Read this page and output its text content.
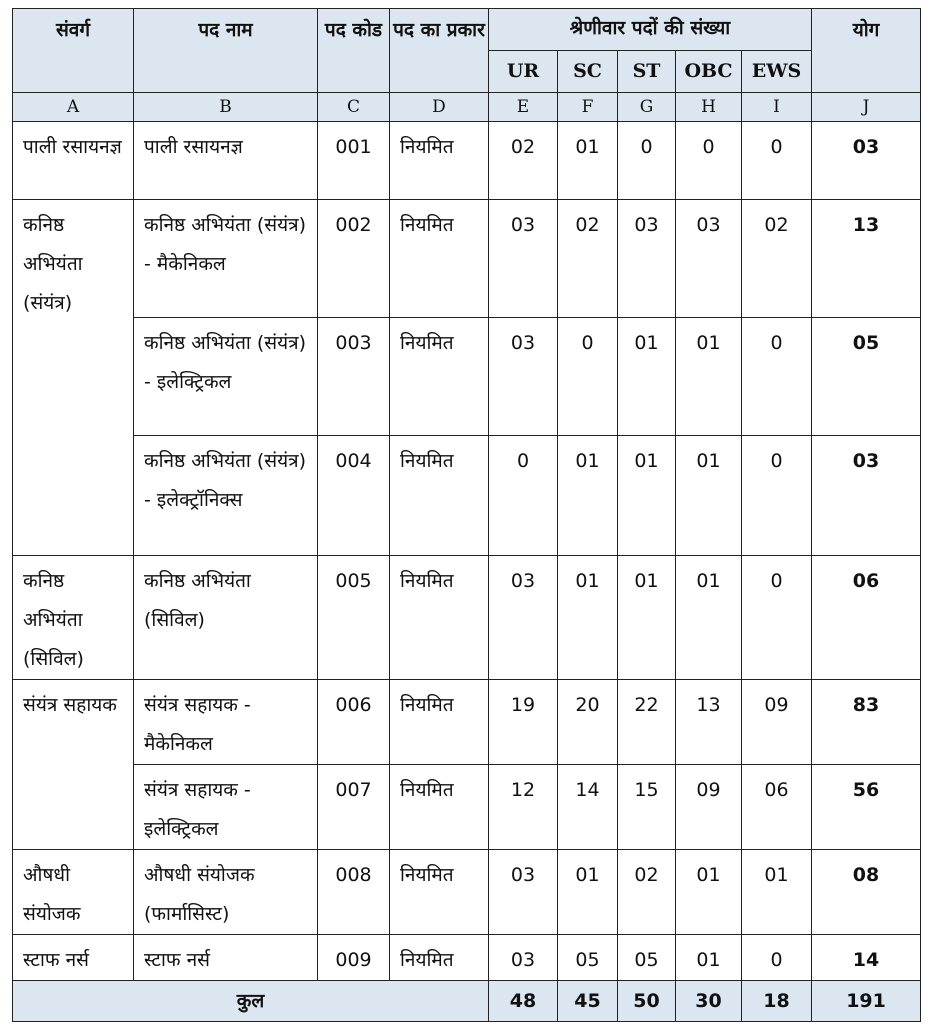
संवर्ग	पद नाम	पद कोड	पद का प्रकार	श्रेणीवार पदों की संख्या					योग

				UR	SC	ST	OBC	EWS	
A	B	C	D	E	F	G	H	I	J
पाली रसायनज्ञ	पाली रसायनज्ञ	001	नियमित	02	01	0	0	0	03
कनिष्ठ अभियंता (संयंत्र)	कनिष्ठ अभियंता (संयंत्र) - मैकेनिकल	002	नियमित	03	02	03	03	02	13
	कनिष्ठ अभियंता (संयंत्र) - इलेक्ट्रिकल	003	नियमित	03	0	01	01	0	05
	कनिष्ठ अभियंता (संयंत्र) - इलेक्ट्रॉनिक्स	004	नियमित	0	01	01	01	0	03
कनिष्ठ अभियंता (सिविल)	कनिष्ठ अभियंता (सिविल)	005	नियमित	03	01	01	01	0	06
संयंत्र सहायक	संयंत्र सहायक - मैकेनिकल	006	नियमित	19	20	22	13	09	83
	संयंत्र सहायक - इलेक्ट्रिकल	007	नियमित	12	14	15	09	06	56
औषधी संयोजक	औषधी संयोजक (फार्मासिस्ट)	008	नियमित	03	01	02	01	01	08
स्टाफ नर्स	स्टाफ नर्स	009	नियमित	03	05	05	01	0	14
कुल				48	45	50	30	18	191
